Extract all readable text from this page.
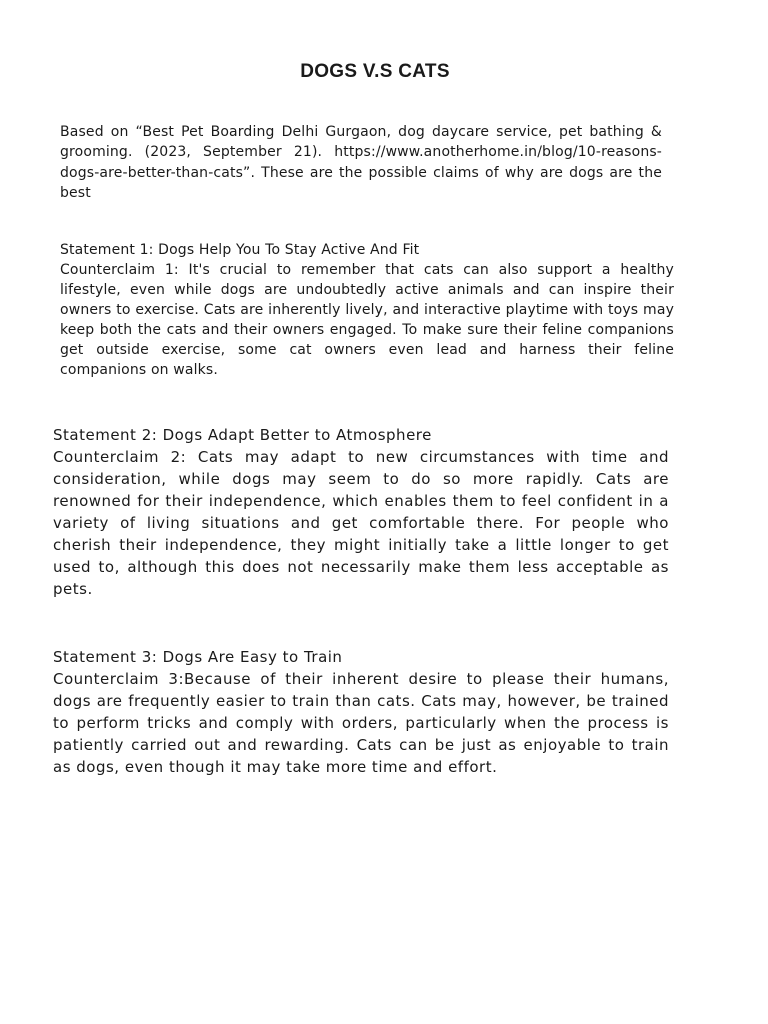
DOGS V.S CATS

Based on “Best Pet Boarding Delhi Gurgaon, dog daycare service, pet bathing & grooming. (2023, September 21). https://www.anotherhome.in/blog/10-reasons-dogs-are-better-than-cats”. These are the possible claims of why are dogs are the best

Statement 1: Dogs Help You To Stay Active And Fit
Counterclaim 1: It's crucial to remember that cats can also support a healthy lifestyle, even while dogs are undoubtedly active animals and can inspire their owners to exercise. Cats are inherently lively, and interactive playtime with toys may keep both the cats and their owners engaged. To make sure their feline companions get outside exercise, some cat owners even lead and harness their feline companions on walks.
Statement 2: Dogs Adapt Better to Atmosphere
Counterclaim 2: Cats may adapt to new circumstances with time and consideration, while dogs may seem to do so more rapidly. Cats are renowned for their independence, which enables them to feel confident in a variety of living situations and get comfortable there. For people who cherish their independence, they might initially take a little longer to get used to, although this does not necessarily make them less acceptable as pets.
Statement 3: Dogs Are Easy to Train
Counterclaim 3:Because of their inherent desire to please their humans, dogs are frequently easier to train than cats. Cats may, however, be trained to perform tricks and comply with orders, particularly when the process is patiently carried out and rewarding. Cats can be just as enjoyable to train as dogs, even though it may take more time and effort.
